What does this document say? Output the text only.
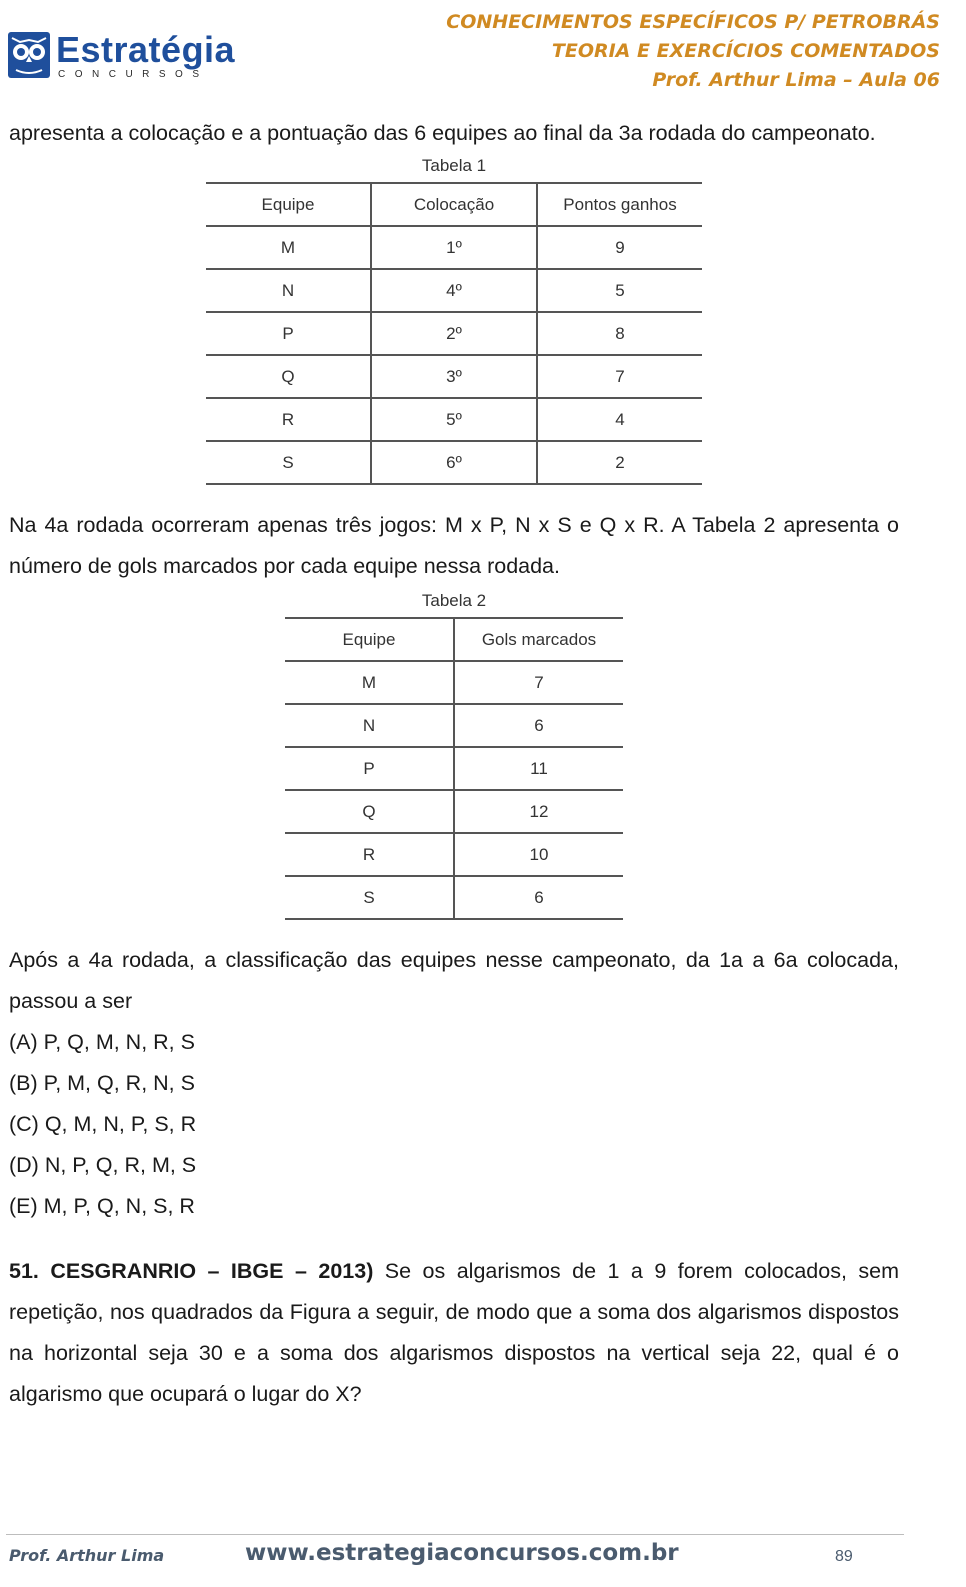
Estratégia
CONCURSOS
CONHECIMENTOS ESPECÍFICOS P/ PETROBRÁS
TEORIA E EXERCÍCIOS COMENTADOS
Prof. Arthur Lima – Aula 06

apresenta a colocação e a pontuação das 6 equipes ao final da 3a rodada do campeonato.

Tabela 1
Equipe	Colocação	Pontos ganhos
M	1º	9
N	4º	5
P	2º	8
Q	3º	7
R	5º	4
S	6º	2

Na 4a rodada ocorreram apenas três jogos: M x P, N x S e Q x R. A Tabela 2 apresenta o número de gols marcados por cada equipe nessa rodada.

Tabela 2
Equipe	Gols marcados
M	7
N	6
P	11
Q	12
R	10
S	6

Após a 4a rodada, a classificação das equipes nesse campeonato, da 1a a 6a colocada, passou a ser

(A) P, Q, M, N, R, S

(B) P, M, Q, R, N, S

(C) Q, M, N, P, S, R

(D) N, P, Q, R, M, S

(E) M, P, Q, N, S, R

51. CESGRANRIO – IBGE – 2013) Se os algarismos de 1 a 9 forem colocados, sem repetição, nos quadrados da Figura a seguir, de modo que a soma dos algarismos dispostos na horizontal seja 30 e a soma dos algarismos dispostos na vertical seja 22, qual é o algarismo que ocupará o lugar do X?

Prof. Arthur Lima	www.estrategiaconcursos.com.br	89
